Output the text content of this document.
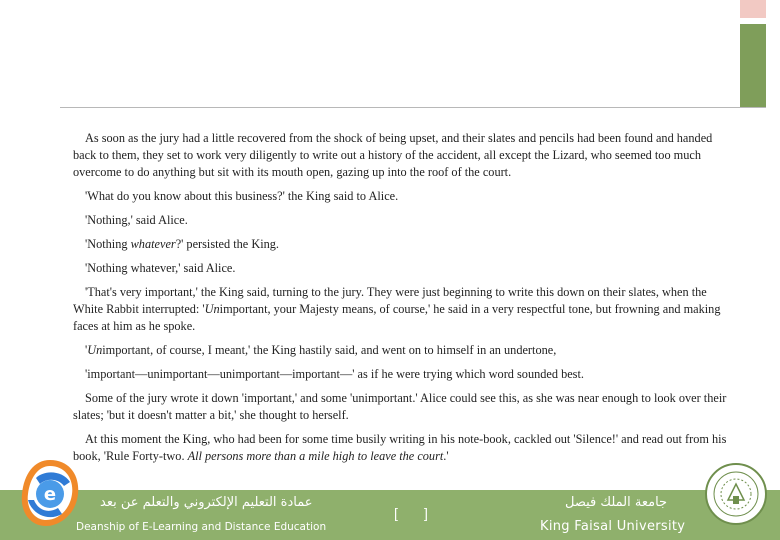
As soon as the jury had a little recovered from the shock of being upset, and their slates and pencils had been found and handed back to them, they set to work very diligently to write out a history of the accident, all except the Lizard, who seemed too much overcome to do anything but sit with its mouth open, gazing up into the roof of the court.

'What do you know about this business?' the King said to Alice.

'Nothing,' said Alice.

'Nothing whatever?' persisted the King.

'Nothing whatever,' said Alice.

'That's very important,' the King said, turning to the jury. They were just beginning to write this down on their slates, when the White Rabbit interrupted: 'Unimportant, your Majesty means, of course,' he said in a very respectful tone, but frowning and making faces at him as he spoke.

'Unimportant, of course, I meant,' the King hastily said, and went on to himself in an undertone,

'important—unimportant—unimportant—important—' as if he were trying which word sounded best.

Some of the jury wrote it down 'important,' and some 'unimportant.' Alice could see this, as she was near enough to look over their slates; 'but it doesn't matter a bit,' she thought to herself.

At this moment the King, who had been for some time busily writing in his note-book, cackled out 'Silence!' and read out from his book, 'Rule Forty-two. All persons more than a mile high to leave the court.'

e	عمادة التعليم الإلكتروني والتعلم عن بعد
Deanship of E-Learning and Distance Education
[ ]
جامعة الملك فيصل
King Faisal University
